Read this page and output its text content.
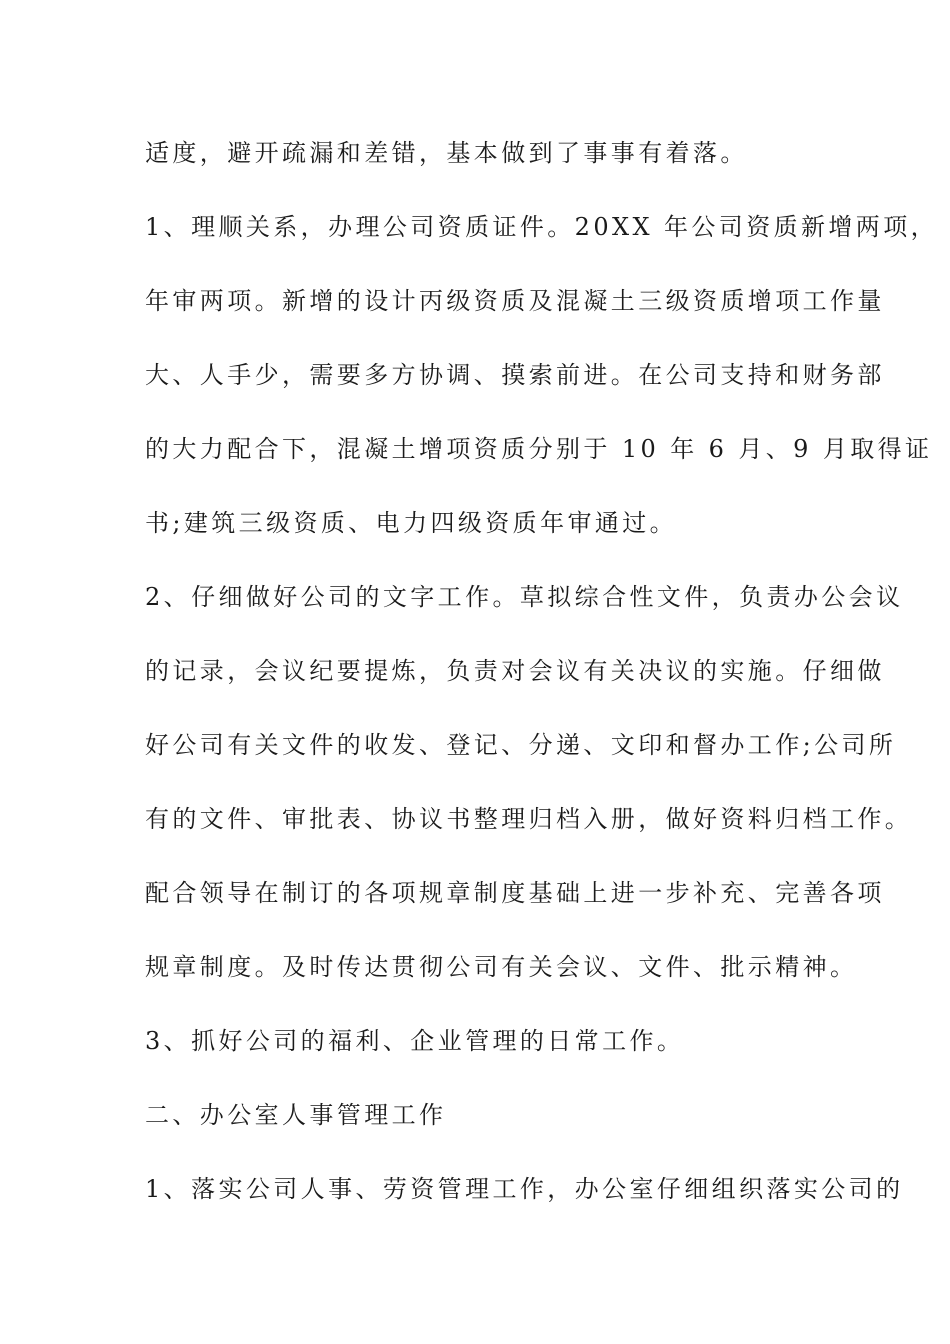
适度，避开疏漏和差错，基本做到了事事有着落。
1、理顺关系，办理公司资质证件。20XX 年公司资质新增两项，
年审两项。新增的设计丙级资质及混凝土三级资质增项工作量
大、人手少，需要多方协调、摸索前进。在公司支持和财务部
的大力配合下，混凝土增项资质分别于 10 年 6 月、9 月取得证
书;建筑三级资质、电力四级资质年审通过。
2、仔细做好公司的文字工作。草拟综合性文件，负责办公会议
的记录，会议纪要提炼，负责对会议有关决议的实施。仔细做
好公司有关文件的收发、登记、分递、文印和督办工作;公司所
有的文件、审批表、协议书整理归档入册，做好资料归档工作。
配合领导在制订的各项规章制度基础上进一步补充、完善各项
规章制度。及时传达贯彻公司有关会议、文件、批示精神。
3、抓好公司的福利、企业管理的日常工作。
二、办公室人事管理工作
1、落实公司人事、劳资管理工作，办公室仔细组织落实公司的
